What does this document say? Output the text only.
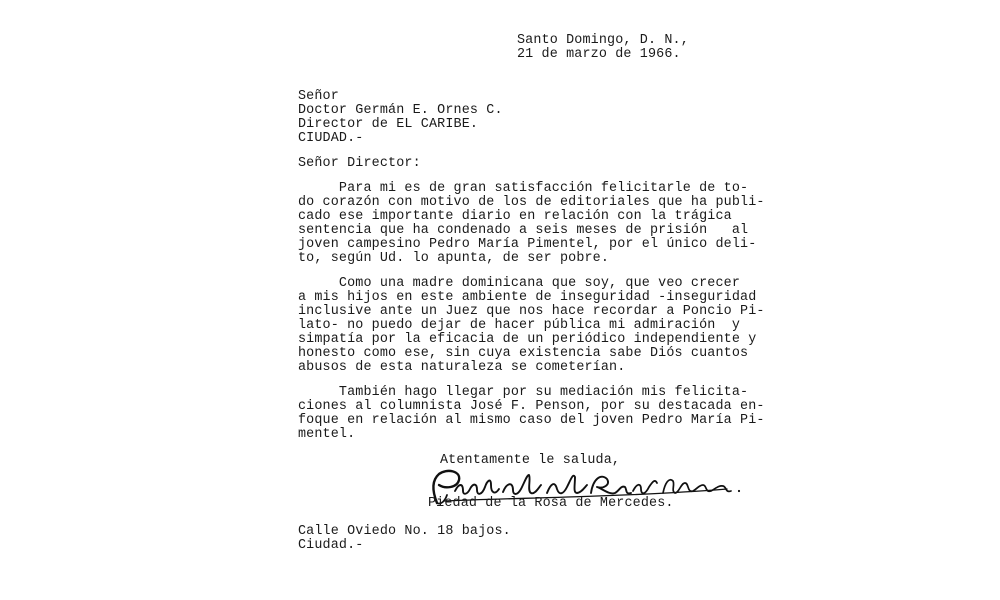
Santo Domingo, D. N.,
21 de marzo de 1966.
Señor
Doctor Germán E. Ornes C.
Director de EL CARIBE.
CIUDAD.-
Señor Director:
Para mi es de gran satisfacción felicitarle de to-
do corazón con motivo de los de editoriales que ha publi-
cado ese importante diario en relación con la trágica
sentencia que ha condenado a seis meses de prisión   al
joven campesino Pedro María Pimentel, por el único deli-
to, según Ud. lo apunta, de ser pobre.
Como una madre dominicana que soy, que veo crecer
a mis hijos en este ambiente de inseguridad -inseguridad
inclusive ante un Juez que nos hace recordar a Poncio Pi-
lato- no puedo dejar de hacer pública mi admiración  y
simpatía por la eficacia de un periódico independiente y
honesto como ese, sin cuya existencia sabe Diós cuantos
abusos de esta naturaleza se cometerían.
También hago llegar por su mediación mis felicita-
ciones al columnista José F. Penson, por su destacada en-
foque en relación al mismo caso del joven Pedro María Pi-
mentel.
Atentamente le saluda,
Piedad de la Rosa de Mercedes.
Calle Oviedo No. 18 bajos.
Ciudad.-
